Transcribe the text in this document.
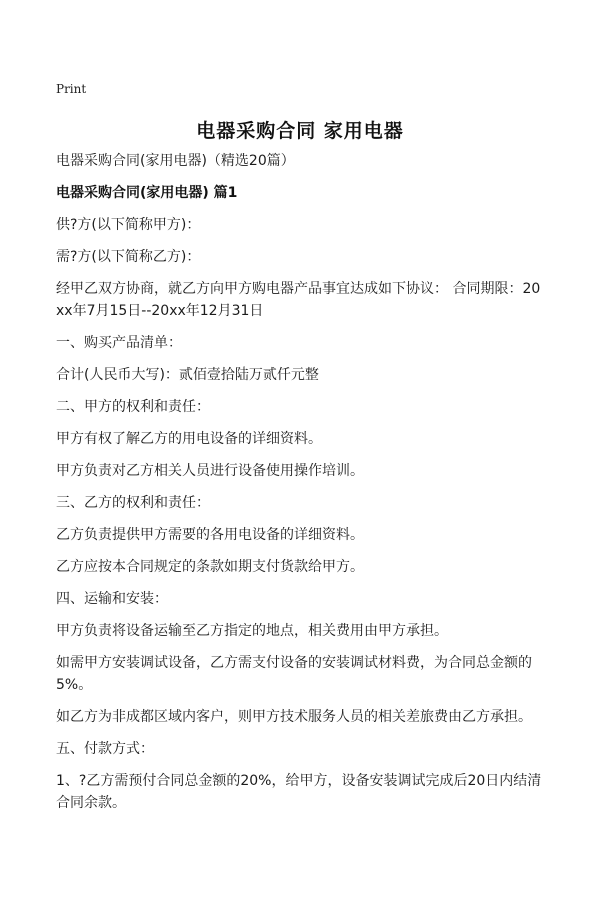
Print
电器采购合同 家用电器

电器采购合同(家用电器)（精选20篇）

电器采购合同(家用电器) 篇1

供?方(以下简称甲方)：

需?方(以下简称乙方)：

经甲乙双方协商，就乙方向甲方购电器产品事宜达成如下协议： 合同期限：20xx年7月15日--20xx年12月31日

一、购买产品清单：

合计(人民币大写)：贰佰壹拾陆万贰仟元整

二、甲方的权利和责任：

甲方有权了解乙方的用电设备的详细资料。

甲方负责对乙方相关人员进行设备使用操作培训。

三、乙方的权利和责任：

乙方负责提供甲方需要的各用电设备的详细资料。

乙方应按本合同规定的条款如期支付货款给甲方。

四、运输和安装：

甲方负责将设备运输至乙方指定的地点，相关费用由甲方承担。

如需甲方安装调试设备，乙方需支付设备的安装调试材料费，为合同总金额的5%。

如乙方为非成都区域内客户，则甲方技术服务人员的相关差旅费由乙方承担。

五、付款方式：

1、?乙方需预付合同总金额的20%，给甲方，设备安装调试完成后20日内结清合同余款。
